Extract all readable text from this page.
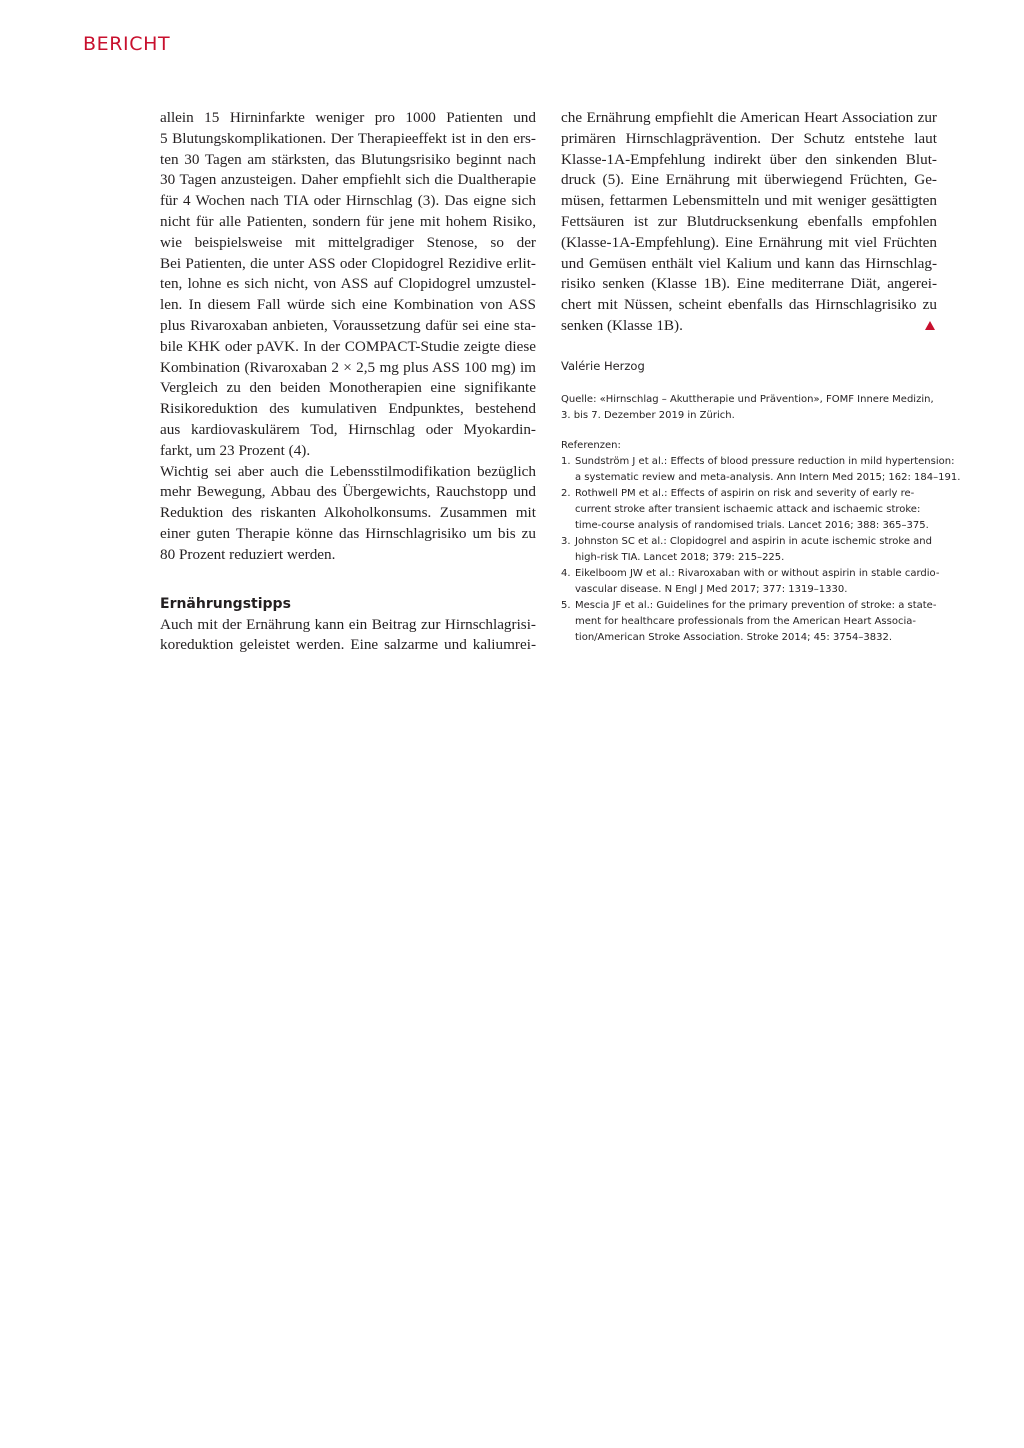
BERICHT
allein 15 Hirninfarkte weniger pro 1000 Patienten und
5 Blutungskomplikationen. Der Therapieeffekt ist in den ers-
ten 30 Tagen am stärksten, das Blutungsrisiko beginnt nach
30 Tagen anzusteigen. Daher empfiehlt sich die Dualtherapie
für 4 Wochen nach TIA oder Hirnschlag (3). Das eigne sich
nicht für alle Patienten, sondern für jene mit hohem Risiko,
wie beispielsweise mit mittelgradiger Stenose, so der
Bei Patienten, die unter ASS oder Clopidogrel Rezidive erlit-
ten, lohne es sich nicht, von ASS auf Clopidogrel umzustel-
len. In diesem Fall würde sich eine Kombination von ASS
plus Rivaroxaban anbieten, Voraussetzung dafür sei eine sta-
bile KHK oder pAVK. In der COMPACT-Studie zeigte diese
Kombination (Rivaroxaban 2 × 2,5 mg plus ASS 100 mg) im
Vergleich zu den beiden Monotherapien eine signifikante
Risikoreduktion des kumulativen Endpunktes, bestehend
aus kardiovaskulärem Tod, Hirnschlag oder Myokardin-
farkt, um 23 Prozent (4).
Wichtig sei aber auch die Lebensstilmodifikation bezüglich
mehr Bewegung, Abbau des Übergewichts, Rauchstopp und
Reduktion des riskanten Alkoholkonsums. Zusammen mit
einer guten Therapie könne das Hirnschlagrisiko um bis zu
80 Prozent reduziert werden.
Ernährungstipps
Auch mit der Ernährung kann ein Beitrag zur Hirnschlagrisi-
koreduktion geleistet werden. Eine salzarme und kaliumrei-
che Ernährung empfiehlt die American Heart Association zur
primären Hirnschlagprävention. Der Schutz entstehe laut
Klasse-1A-Empfehlung indirekt über den sinkenden Blut-
druck (5). Eine Ernährung mit überwiegend Früchten, Ge-
müsen, fettarmen Lebensmitteln und mit weniger gesättigten
Fettsäuren ist zur Blutdrucksenkung ebenfalls empfohlen
(Klasse-1A-Empfehlung). Eine Ernährung mit viel Früchten
und Gemüsen enthält viel Kalium und kann das Hirnschlag-
risiko senken (Klasse 1B). Eine mediterrane Diät, angerei-
chert mit Nüssen, scheint ebenfalls das Hirnschlagrisiko zu
senken (Klasse 1B).
Valérie Herzog
Quelle: «Hirnschlag – Akuttherapie und Prävention», FOMF Innere Medizin,
3. bis 7. Dezember 2019 in Zürich.
Referenzen:
1. Sundström J et al.: Effects of blood pressure reduction in mild hypertension:
a systematic review and meta-analysis. Ann Intern Med 2015; 162: 184–191.
2. Rothwell PM et al.: Effects of aspirin on risk and severity of early re-
current stroke after transient ischaemic attack and ischaemic stroke:
time-course analysis of randomised trials. Lancet 2016; 388: 365–375.
3. Johnston SC et al.: Clopidogrel and aspirin in acute ischemic stroke and
high-risk TIA. Lancet 2018; 379: 215–225.
4. Eikelboom JW et al.: Rivaroxaban with or without aspirin in stable cardio-
vascular disease. N Engl J Med 2017; 377: 1319–1330.
5. Mescia JF et al.: Guidelines for the primary prevention of stroke: a state-
ment for healthcare professionals from the American Heart Associa-
tion/American Stroke Association. Stroke 2014; 45: 3754–3832.
